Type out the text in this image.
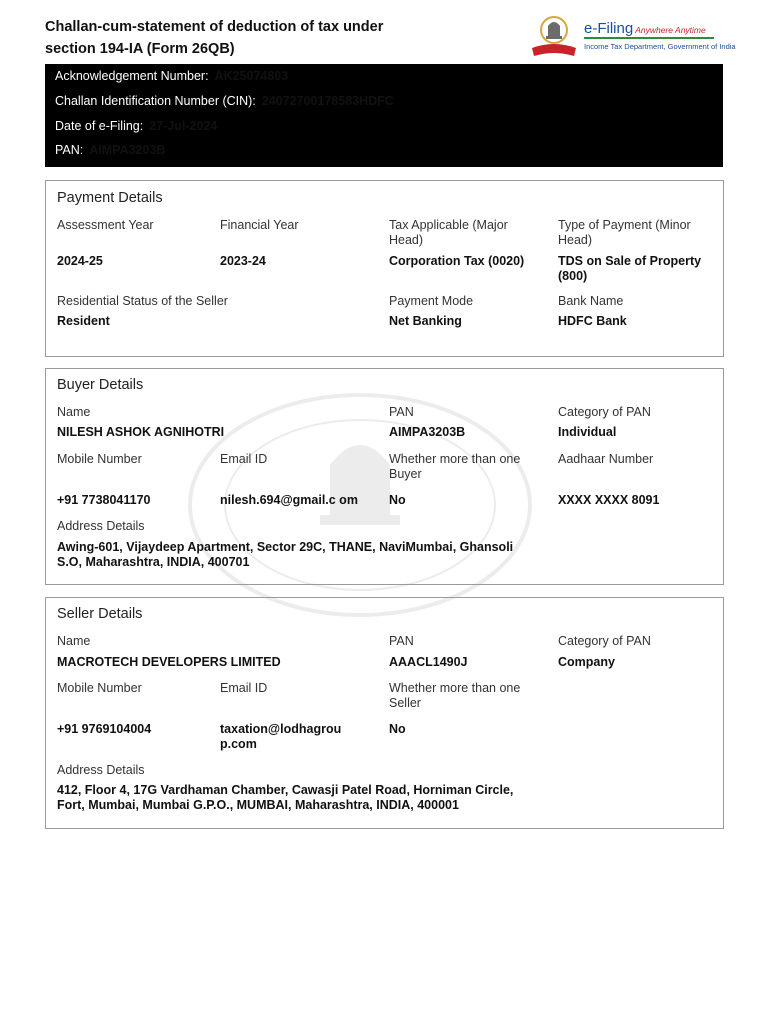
Challan-cum-statement of deduction of tax under
section 194-IA (Form 26QB)
e-Filing Anywhere Anytime
Income Tax Department, Government of India
Acknowledgement Number: AK25074803
Challan Identification Number (CIN): 24072700178583HDFC
Date of e-Filing: 27-Jul-2024
PAN: AIMPA3203B
Payment Details
Assessment Year
2024-25
Financial Year
2023-24
Tax Applicable (Major
Head)
Corporation Tax (0020)
Type of Payment (Minor
Head)
TDS on Sale of Property
(800)
Residential Status of the Seller
Resident
Payment Mode
Net Banking
Bank Name
HDFC Bank
Buyer Details
Name
NILESH ASHOK AGNIHOTRI
PAN
AIMPA3203B
Category of PAN
Individual
Mobile Number
+91 7738041170
Email ID
nilesh.694@gmail.c om
Whether more than one
Buyer
No
Aadhaar Number
XXXX XXXX 8091
Address Details
Awing-601, Vijaydeep Apartment, Sector 29C, THANE, NaviMumbai, Ghansoli
S.O, Maharashtra, INDIA, 400701
Seller Details
Name
MACROTECH DEVELOPERS LIMITED
PAN
AAACL1490J
Category of PAN
Company
Mobile Number
+91 9769104004
Email ID
taxation@lodhagrou
p.com
Whether more than one
Seller
No
Address Details
412, Floor 4, 17G Vardhaman Chamber, Cawasji Patel Road, Horniman Circle,
Fort, Mumbai, Mumbai G.P.O., MUMBAI, Maharashtra, INDIA, 400001
